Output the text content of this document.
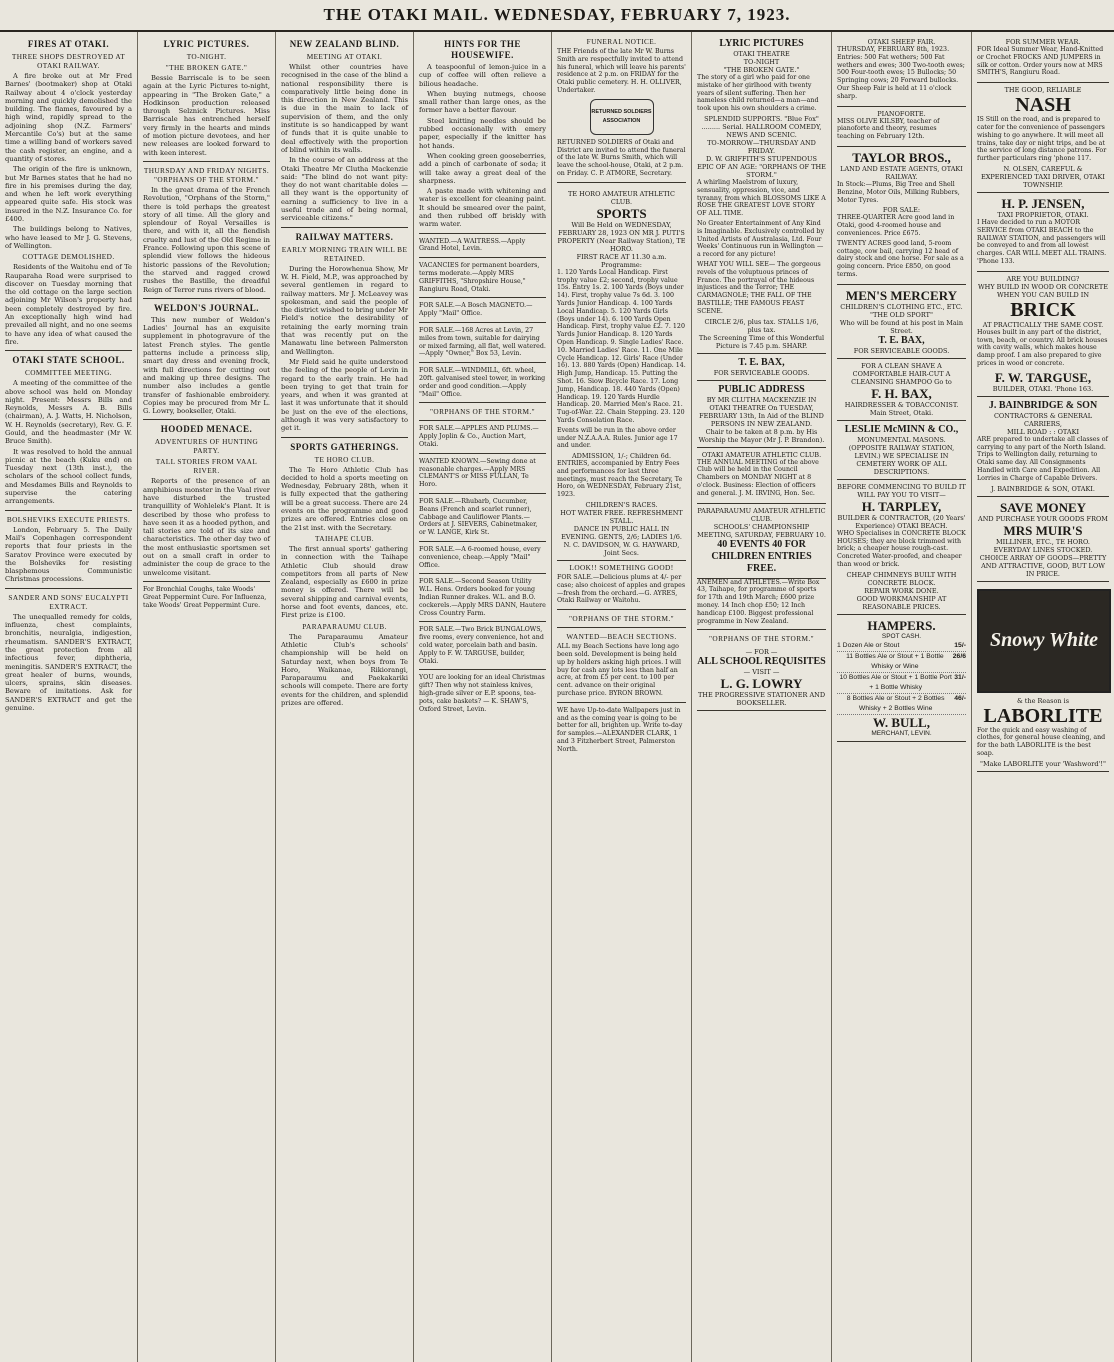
THE OTAKI MAIL. WEDNESDAY, FEBRUARY 7, 1923.
FIRES AT OTAKI.
THREE SHOPS DESTROYED AT OTAKI RAILWAY.

A fire broke out at Mr Fred Barnes' (bootmaker) shop at Otaki Railway about 4 o'clock yesterday morning and quickly demolished the building. The flames, favoured by a high wind, rapidly spread to the adjoining shop (N.Z. Farmers' Mercantile Co's) but at the same time a willing band of workers saved the cash register, an engine, and a quantity of stores.

The origin of the fire is unknown, but Mr Barnes states that he had no fire in his premises during the day, and when he left work everything appeared quite safe. His stock was insured in the N.Z. Insurance Co. for £400.

The buildings belong to Natives, who have leased to Mr J. G. Stevens, of Wellington.

COTTAGE DEMOLISHED.

Residents of the Waitohu end of Te Rauparaha Road were surprised to discover on Tuesday morning that the old cottage on the large section adjoining Mr Wilson's property had been completely destroyed by fire. An exceptionally high wind had prevailed all night, and no one seems to have any idea of what caused the fire.

OTAKI STATE SCHOOL.
COMMITTEE MEETING.

A meeting of the committee of the above school was held on Monday night. Present: Messrs Bills and Reynolds, Messrs A. B. Bills (chairman), A. J. Watts, H. Nicholson, W. H. Reynolds (secretary), Rev. G. F. Gould, and the headmaster (Mr W. Bruce Smith).

It was resolved to hold the annual picnic at the beach (Kuku end) on Tuesday next (13th inst.), the scholars of the school collect funds, and Mesdames Bills and Reynolds to supervise the catering arrangements.

BOLSHEVIKS EXECUTE PRIESTS.

London, February 5. The Daily Mail's Copenhagen correspondent reports that four priests in the Saratov Province were executed by the Bolsheviks for resisting blasphemous Communistic Christmas processions.

SANDER AND SONS' EUCALYPTI EXTRACT.

The unequalled remedy for colds, influenza, chest complaints, bronchitis, neuralgia, indigestion, rheumatism. SANDER'S EXTRACT, the great protection from all infectious fever, diphtheria, meningitis. SANDER'S EXTRACT, the great healer of burns, wounds, ulcers, sprains, skin diseases. Beware of imitations. Ask for SANDER'S EXTRACT and get the genuine.

LYRIC PICTURES.
TO-NIGHT.
"THE BROKEN GATE."

Bessie Barriscale is to be seen again at the Lyric Pictures to-night, appearing in "The Broken Gate," a Hodkinson production released through Selznick Pictures. Miss Barriscale has entrenched herself very firmly in the hearts and minds of motion picture devotees, and her new releases are looked forward to with keen interest.

THURSDAY AND FRIDAY NIGHTS. "ORPHANS OF THE STORM."

In the great drama of the French Revolution, "Orphans of the Storm," there is told perhaps the greatest story of all time. All the glory and splendour of Royal Versailles is there, and with it, all the fiendish cruelty and lust of the Old Regime in France. Following upon this scene of splendid view follows the hideous historic passions of the Revolution; the starved and ragged crowd rushes the Bastille, the dreadful Reign of Terror runs rivers of blood.

WELDON'S JOURNAL.

This new number of Weldon's Ladies' Journal has an exquisite supplement in photogravure of the latest French styles. The gentle patterns include a princess slip, smart day dress and evening frock, with full directions for cutting out and making up three designs. The number also includes a gentle transfer of fashionable embroidery. Copies may be procured from Mr L. G. Lowry, bookseller, Otaki.

HOODED MENACE.
ADVENTURES OF HUNTING PARTY.
TALL STORIES FROM VAAL RIVER.

Reports of the presence of an amphibious monster in the Vaal river have disturbed the trusted tranquillity of Wohlelek's Plant. It is described by those who profess to have seen it as a hooded python, and tall stories are told of its size and characteristics. The other day two of the most enthusiastic sportsmen set out on a small craft in order to administer the coup de grace to the unwelcome visitant.

For Bronchial Coughs, take Woods' Great Peppermint Cure. For Influenza, take Woods' Great Peppermint Cure.

NEW ZEALAND BLIND.
MEETING AT OTAKI.

Whilst other countries have recognised in the case of the blind a national responsibility there is comparatively little being done in this direction in New Zealand. This is due in the main to lack of supervision of them, and the only institute is so handicapped by want of funds that it is quite unable to deal effectively with the proportion of blind within its walls.

In the course of an address at the Otaki Theatre Mr Clutha Mackenzie said: "The blind do not want pity: they do not want charitable doles — all they want is the opportunity of earning a sufficiency to live in a useful trade and of being normal, serviceable citizens."

RAILWAY MATTERS.
EARLY MORNING TRAIN WILL BE RETAINED.

During the Horowhenua Show, Mr W. H. Field, M.P., was approached by several gentlemen in regard to railway matters. Mr J. McLeavey was spokesman, and said the people of the district wished to bring under Mr Field's notice the desirability of retaining the early morning train that was recently put on the Manawatu line between Palmerston and Wellington.

Mr Field said he quite understood the feeling of the people of Levin in regard to the early train. He had been trying to get that train for years, and when it was granted at last it was unfortunate that it should be just on the eve of the elections, although it was very satisfactory to get it.

SPORTS GATHERINGS.
TE HORO CLUB.

The Te Horo Athletic Club has decided to hold a sports meeting on Wednesday, February 28th, when it is fully expected that the gathering will be a great success. There are 24 events on the programme and good prizes are offered. Entries close on the 21st inst. with the Secretary.

TAIHAPE CLUB.

The first annual sports' gathering in connection with the Taihape Athletic Club should draw competitors from all parts of New Zealand, especially as £600 in prize money is offered. There will be several shipping and carnival events, horse and foot events, dances, etc. First prize is £100.

PARAPARAUMU CLUB.

The Paraparaumu Amateur Athletic Club's schools' championship will be held on Saturday next, when boys from Te Horo, Waikanae, Rikiorangi, Paraparaumu and Paekakariki schools will compete. There are forty events for the children, and splendid prizes are offered.

HINTS FOR THE HOUSEWIFE.

A teaspoonful of lemon-juice in a cup of coffee will often relieve a bilious headache.

When buying nutmegs, choose small rather than large ones, as the former have a better flavour.

Steel knitting needles should be rubbed occasionally with emery paper, especially if the knitter has hot hands.

When cooking green gooseberries, add a pinch of carbonate of soda; it will take away a great deal of the sharpness.

A paste made with whitening and water is excellent for cleaning paint. It should be smeared over the paint, and then rubbed off briskly with warm water.

WANTED.—A WAITRESS.—Apply Grand Hotel, Levin.

VACANCIES for permanent boarders, terms moderate.—Apply MRS GRIFFITHS, "Shropshire House," Rangiuru Road, Otaki.

FOR SALE.—A Bosch MAGNETO.—Apply "Mail" Office.

FOR SALE.—168 Acres at Levin, 27 miles from town, suitable for dairying or mixed farming, all flat, well watered.—Apply "Owner," Box 53, Levin.

FOR SALE.—WINDMILL, 6ft. wheel, 20ft. galvanised steel tower, in working order and good condition.—Apply "Mail" Office.

"ORPHANS OF THE STORM."

FOR SALE.—APPLES AND PLUMS.—Apply Joplin & Co., Auction Mart, Otaki.

WANTED KNOWN.—Sewing done at reasonable charges.—Apply MRS CLEMANT'S or MISS FULLAN, Te Horo.

FOR SALE.—Rhubarb, Cucumber, Beans (French and scarlet runner), Cabbage and Cauliflower Plants.—Orders at J. SIEVERS, Cabinetmaker, or W. LANGE, Kirk St.

FOR SALE.—A 6-roomed house, every convenience, cheap.—Apply "Mail" Office.

FOR SALE.—Second Season Utility W.L. Hens. Orders booked for young Indian Runner drakes. W.L. and B.O. cockerels.—Apply MRS DANN, Hautere Cross Country Farm.

FOR SALE.—Two Brick BUNGALOWS, five rooms, every convenience, hot and cold water, porcelain bath and basin. Apply to F. W. TARGUSE, builder, Otaki.

YOU are looking for an ideal Christmas gift? Then why not stainless knives, high-grade silver or E.P. spoons, tea-pots, cake baskets? — K. SHAW'S, Oxford Street, Levin.

FUNERAL NOTICE.

THE Friends of the late Mr W. Burns Smith are respectfully invited to attend his funeral, which will leave his parents' residence at 2 p.m. on FRIDAY for the Otaki public cemetery. H. H. OLLIVER, Undertaker.

RETURNED SOLDIERS ASSOCIATION

RETURNED SOLDIERS of Otaki and District are invited to attend the funeral of the late W. Burns Smith, which will leave the school-house, Otaki, at 2 p.m. on Friday. C. P. ATMORE, Secretary.

TE HORO AMATEUR ATHLETIC CLUB.
SPORTS
Will Be Held on WEDNESDAY, FEBRUARY 28, 1923 ON MR J. PUTI'S PROPERTY (Near Railway Station), TE HORO.
FIRST RACE AT 11.30 a.m.
Programme:

1. 120 Yards Local Handicap. First trophy value £2; second, trophy value 15s. Entry 1s. 2. 100 Yards (Boys under 14). First, trophy value 7s 6d. 3. 100 Yards Junior Handicap. 4. 100 Yards Local Handicap. 5. 120 Yards Girls (Boys under 14). 6. 100 Yards Open Handicap. First, trophy value £2. 7. 120 Yards Junior Handicap. 8. 120 Yards Open Handicap. 9. Single Ladies' Race. 10. Married Ladies' Race. 11. One Mile Cycle Handicap. 12. Girls' Race (Under 16). 13. 880 Yards (Open) Handicap. 14. High Jump, Handicap. 15. Putting the Shot. 16. Siow Bicycle Race. 17. Long Jump, Handicap. 18. 440 Yards (Open) Handicap. 19. 120 Yards Hurdle Handicap. 20. Married Men's Race. 21. Tug-of-War. 22. Chain Stepping. 23. 120 Yards Consolation Race.

Events will be run in the above order under N.Z.A.A.A. Rules. Junior age 17 and under.

ADMISSION, 1/-; Children 6d.

ENTRIES, accompanied by Entry Fees and performances for last three meetings, must reach the Secretary, Te Horo, on WEDNESDAY, February 21st, 1923.

CHILDREN'S RACES.
HOT WATER FREE. REFRESHMENT STALL.
DANCE IN PUBLIC HALL IN EVENING. GENTS, 2/6; LADIES 1/6.
N. C. DAVIDSON, W. G. HAYWARD, Joint Secs.
LOOK!! SOMETHING GOOD!

FOR SALE.—Delicious plums at 4/- per case; also choicest of apples and grapes—fresh from the orchard.—G. AYRES, Otaki Railway or Waitohu.

"ORPHANS OF THE STORM."
WANTED—BEACH SECTIONS.

ALL my Beach Sections have long ago been sold. Development is being held up by holders asking high prices. I will buy for cash any lots less than half an acre, at from £5 per cent. to 100 per cent. advance on their original purchase price. BYRON BROWN.

WE have Up-to-date Wallpapers just in and as the coming year is going to be better for all, brighten up. Write to-day for samples.—ALEXANDER CLARK, 1 and 3 Fitzherbert Street, Palmerston North.

LYRIC PICTURES
OTAKI THEATRE
TO-NIGHT
"THE BROKEN GATE."

The story of a girl who paid for one mistake of her girlhood with twenty years of silent suffering. Then her nameless child returned—a man—and took upon his own shoulders a crime.

SPLENDID SUPPORTS. "Blue Fox" ......... Serial. HALLROOM COMEDY, NEWS AND SCENIC.
TO-MORROW—THURSDAY AND FRIDAY.
D. W. GRIFFITH'S STUPENDOUS EPIC OF AN AGE: "ORPHANS OF THE STORM."

A whirling Maelstrom of luxury, sensuality, oppression, vice, and tyranny, from which BLOSSOMS LIKE A ROSE THE GREATEST LOVE STORY OF ALL TIME.

No Greater Entertainment of Any Kind is Imaginable. Exclusively controlled by United Artists of Australasia, Ltd. Four Weeks' Continuous run in Wellington — a record for any picture!

WHAT YOU WILL SEE— The gorgeous revels of the voluptuous princes of France. The portrayal of the hideous injustices and the Terror; THE CARMAGNOLE; THE FALL OF THE BASTILLE; THE FAMOUS FEAST SCENE.

CIRCLE 2/6, plus tax. STALLS 1/6, plus tax.
The Screening Time of this Wonderful Picture is 7.45 p.m. SHARP.
T. E. BAX,
FOR SERVICEABLE GOODS.
PUBLIC ADDRESS
BY MR CLUTHA MACKENZIE IN OTAKI THEATRE On TUESDAY, FEBRUARY 13th, In Aid of the BLIND PERSONS IN NEW ZEALAND.
Chair to be taken at 8 p.m. by His Worship the Mayor (Mr J. P. Brandon).
OTAKI AMATEUR ATHLETIC CLUB.

THE ANNUAL MEETING of the above Club will be held in the Council Chambers on MONDAY NIGHT at 8 o'clock. Business: Election of officers and general. J. M. IRVING, Hon. Sec.

PARAPARAUMU AMATEUR ATHLETIC CLUB.
SCHOOLS' CHAMPIONSHIP MEETING, SATURDAY, FEBRUARY 10.
40 EVENTS 40 FOR CHILDREN ENTRIES FREE.

ANEMEN and ATHLETES.—Write Box 43, Taihape, for programme of sports for 17th and 19th March; £600 prize money. 14 Inch chop £50; 12 Inch handicap £100. Biggest professional programme in New Zealand.

"ORPHANS OF THE STORM."
— FOR —
ALL SCHOOL REQUISITES
— VISIT —
L. G. LOWRY
THE PROGRESSIVE STATIONER AND BOOKSELLER.
OTAKI SHEEP FAIR.

THURSDAY, FEBRUARY 8th, 1923. Entries: 500 Fat wethers; 500 Fat wethers and ewes; 300 Two-tooth ewes; 500 Four-tooth ewes; 15 Bullocks; 50 Springing cows; 20 Forward bullocks. Our Sheep Fair is held at 11 o'clock sharp.

PIANOFORTE.

MISS OLIVE KILSBY, teacher of pianoforte and theory, resumes teaching on February 12th.

TAYLOR BROS.,
LAND AND ESTATE AGENTS, OTAKI RAILWAY.

In Stock:—Plums, Big Tree and Shell Benzine, Motor Oils, Milking Rubbers, Motor Tyres.

FOR SALE:

THREE-QUARTER Acre good land in Otaki, good 4-roomed house and conveniences. Price £675.

TWENTY ACRES good land, 5-room cottage, cow bail, carrying 12 head of dairy stock and one horse. For sale as a going concern. Price £850, on good terms.

MEN'S MERCERY
CHILDREN'S CLOTHING ETC., ETC.
"THE OLD SPORT"
Who will be found at his post in Main Street.
T. E. BAX,
FOR SERVICEABLE GOODS.
FOR A CLEAN SHAVE A COMFORTABLE HAIR-CUT A CLEANSING SHAMPOO Go to
F. H. BAX,
HAIRDRESSER & TOBACCONIST. Main Street, Otaki.
LESLIE McMINN & CO.,
MONUMENTAL MASONS.
(OPPOSITE RAILWAY STATION, LEVIN.) WE SPECIALISE IN CEMETERY WORK OF ALL DESCRIPTIONS.
BEFORE COMMENCING TO BUILD IT WILL PAY YOU TO VISIT—
H. TARPLEY,
BUILDER & CONTRACTOR, (20 Years' Experience) OTAKI BEACH.

WHO Specialises in CONCRETE BLOCK HOUSES; they are block trimmed with brick; a cheaper house rough-cast. Concreted Water-proofed, and cheaper than wood or brick.

CHEAP CHIMNEYS BUILT WITH CONCRETE BLOCK.
REPAIR WORK DONE.
GOOD WORKMANSHIP AT REASONABLE PRICES.
HAMPERS.
SPOT CASH.
1 Dozen Ale or Stout	15/-
11 Bottles Ale or Stout + 1 Bottle Whisky or Wine
26/6
10 Bottles Ale or Stout + 1 Bottle Port + 1 Bottle Whisky
31/-
8 Bottles Ale or Stout + 2 Bottles Whisky + 2 Bottles Wine
46/-
W. BULL,
MERCHANT, LEVIN.
FOR SUMMER WEAR.

FOR Ideal Summer Wear, Hand-Knitted or Crochet FROCKS AND JUMPERS in silk or cotton. Order yours now at MRS SMITH'S, Rangiuru Road.

THE GOOD, RELIABLE
NASH

IS Still on the road, and is prepared to cater for the convenience of passengers wishing to go anywhere. It will meet all trains, take day or night trips, and be at the service of long distance patrons. For further particulars ring 'phone 117.

N. OLSEN, CAREFUL & EXPERIENCED TAXI DRIVER, OTAKI TOWNSHIP.
H. P. JENSEN,
TAXI PROPRIETOR, OTAKI.

I Have decided to run a MOTOR SERVICE from OTAKI BEACH to the RAILWAY STATION, and passengers will be conveyed to and from all lowest charges. CAR WILL MEET ALL TRAINS. 'Phone 133.

ARE YOU BUILDING?
WHY BUILD IN WOOD OR CONCRETE WHEN YOU CAN BUILD IN
BRICK
AT PRACTICALLY THE SAME COST.

Houses built in any part of the district, town, beach, or country. All brick houses with cavity walls, which makes house damp proof. I am also prepared to give prices in wood or concrete.

F. W. TARGUSE,
BUILDER, OTAKI. 'Phone 163.
J. BAINBRIDGE & SON
CONTRACTORS & GENERAL CARRIERS,
MILL ROAD : : OTAKI

ARE prepared to undertake all classes of carrying to any part of the North Island. Trips to Wellington daily, returning to Otaki same day. All Consignments Handled with Care and Expedition. All Lorries in Charge of Capable Drivers.

J. BAINBRIDGE & SON, OTAKI.
SAVE MONEY
AND PURCHASE YOUR GOODS FROM
MRS MUIR'S
MILLINER, ETC., TE HORO.
EVERYDAY LINES STOCKED.
CHOICE ARRAY OF GOODS—PRETTY AND ATTRACTIVE, GOOD, BUT LOW IN PRICE.
Snowy White
& the Reason is
LABORLITE

For the quick and easy washing of clothes, for general house cleaning, and for the bath LABORLITE is the best soap.

"Make LABORLITE your 'Washword'!"
